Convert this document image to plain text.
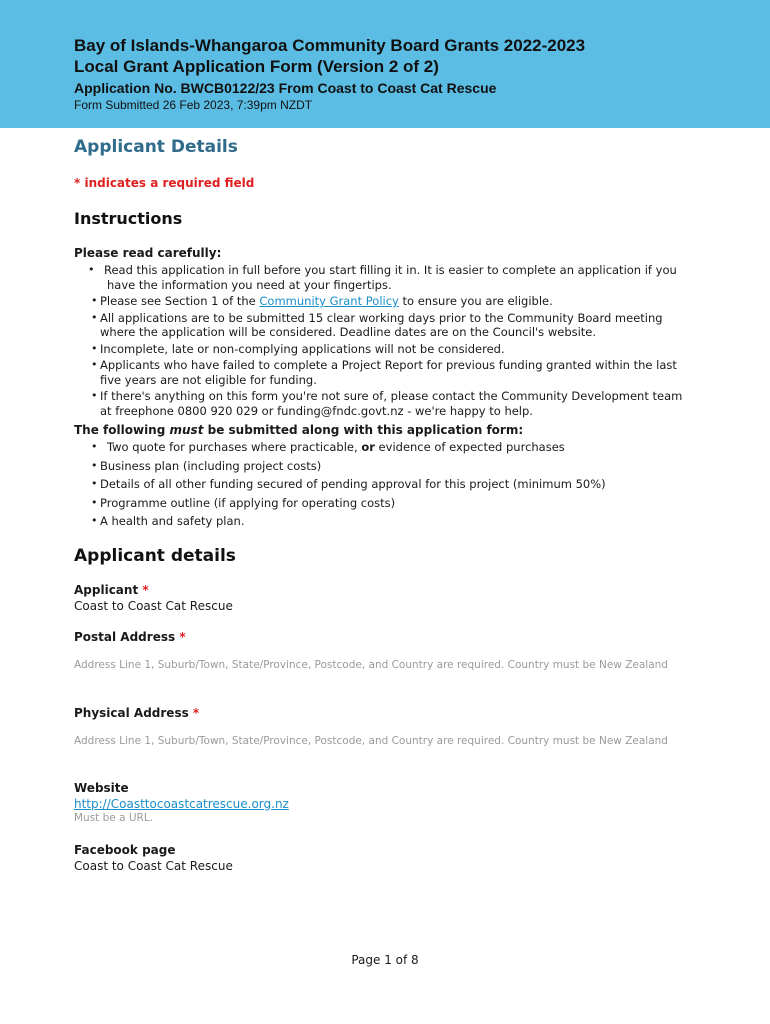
Bay of Islands-Whangaroa Community Board Grants 2022-2023
Local Grant Application Form (Version 2 of 2)
Application No. BWCB0122/23 From Coast to Coast Cat Rescue
Form Submitted 26 Feb 2023, 7:39pm NZDT
Applicant Details
* indicates a required field
Instructions
Please read carefully:
• Read this application in full before you start filling it in. It is easier to complete an application if you have the information you need at your fingertips.
• Please see Section 1 of the Community Grant Policy to ensure you are eligible.
• All applications are to be submitted 15 clear working days prior to the Community Board meeting where the application will be considered. Deadline dates are on the Council's website.
• Incomplete, late or non-complying applications will not be considered.
• Applicants who have failed to complete a Project Report for previous funding granted within the last five years are not eligible for funding.
• If there's anything on this form you're not sure of, please contact the Community Development team at freephone 0800 920 029 or funding@fndc.govt.nz - we're happy to help.
The following must be submitted along with this application form:
• Two quote for purchases where practicable, or evidence of expected purchases
• Business plan (including project costs)
• Details of all other funding secured of pending approval for this project (minimum 50%)
• Programme outline (if applying for operating costs)
• A health and safety plan.
Applicant details
Applicant *
Coast to Coast Cat Rescue
Postal Address *
Address Line 1, Suburb/Town, State/Province, Postcode, and Country are required. Country must be New Zealand
Physical Address *
Address Line 1, Suburb/Town, State/Province, Postcode, and Country are required. Country must be New Zealand
Website
http://Coasttocoastcatrescue.org.nz
Must be a URL.
Facebook page
Coast to Coast Cat Rescue
Page 1 of 8
